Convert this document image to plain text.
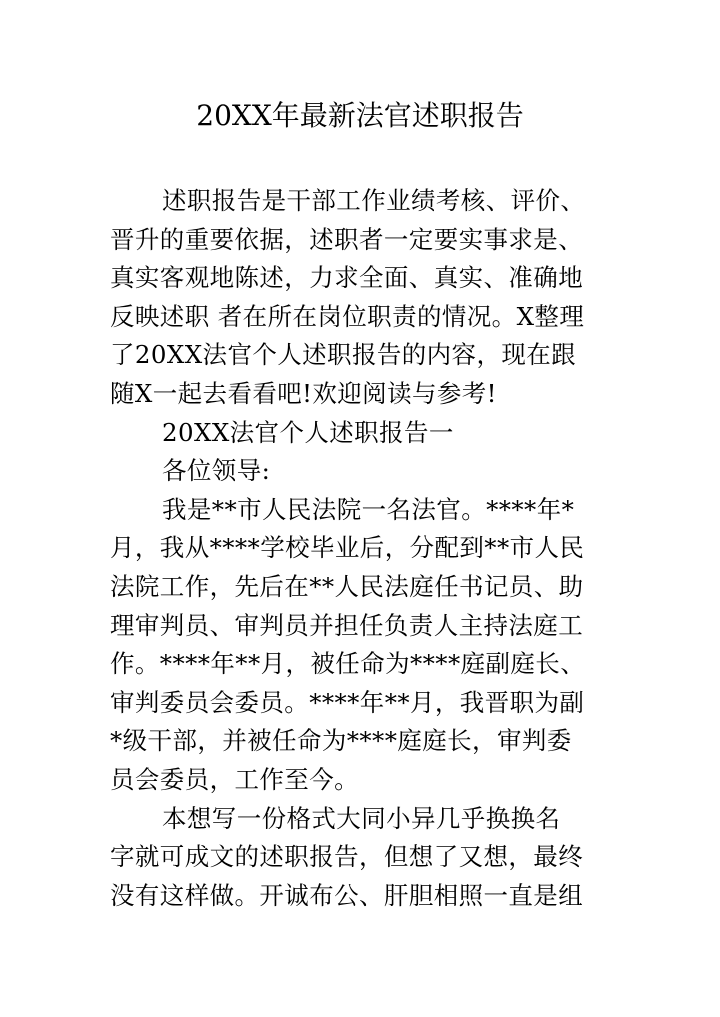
20XX年最新法官述职报告
述职报告是干部工作业绩考核、评价、
晋升的重要依据，述职者一定要实事求是、
真实客观地陈述，力求全面、真实、准确地
反映述职 者在所在岗位职责的情况。X整理
了20XX法官个人述职报告的内容，现在跟
随X一起去看看吧!欢迎阅读与参考!
20XX法官个人述职报告一
各位领导:
我是**市人民法院一名法官。****年*
月，我从****学校毕业后，分配到**市人民
法院工作，先后在**人民法庭任书记员、助
理审判员、审判员并担任负责人主持法庭工
作。****年**月，被任命为****庭副庭长、
审判委员会委员。****年**月，我晋职为副
*级干部，并被任命为****庭庭长，审判委
员会委员，工作至今。
本想写一份格式大同小异几乎换换名
字就可成文的述职报告，但想了又想，最终
没有这样做。开诚布公、肝胆相照一直是组
